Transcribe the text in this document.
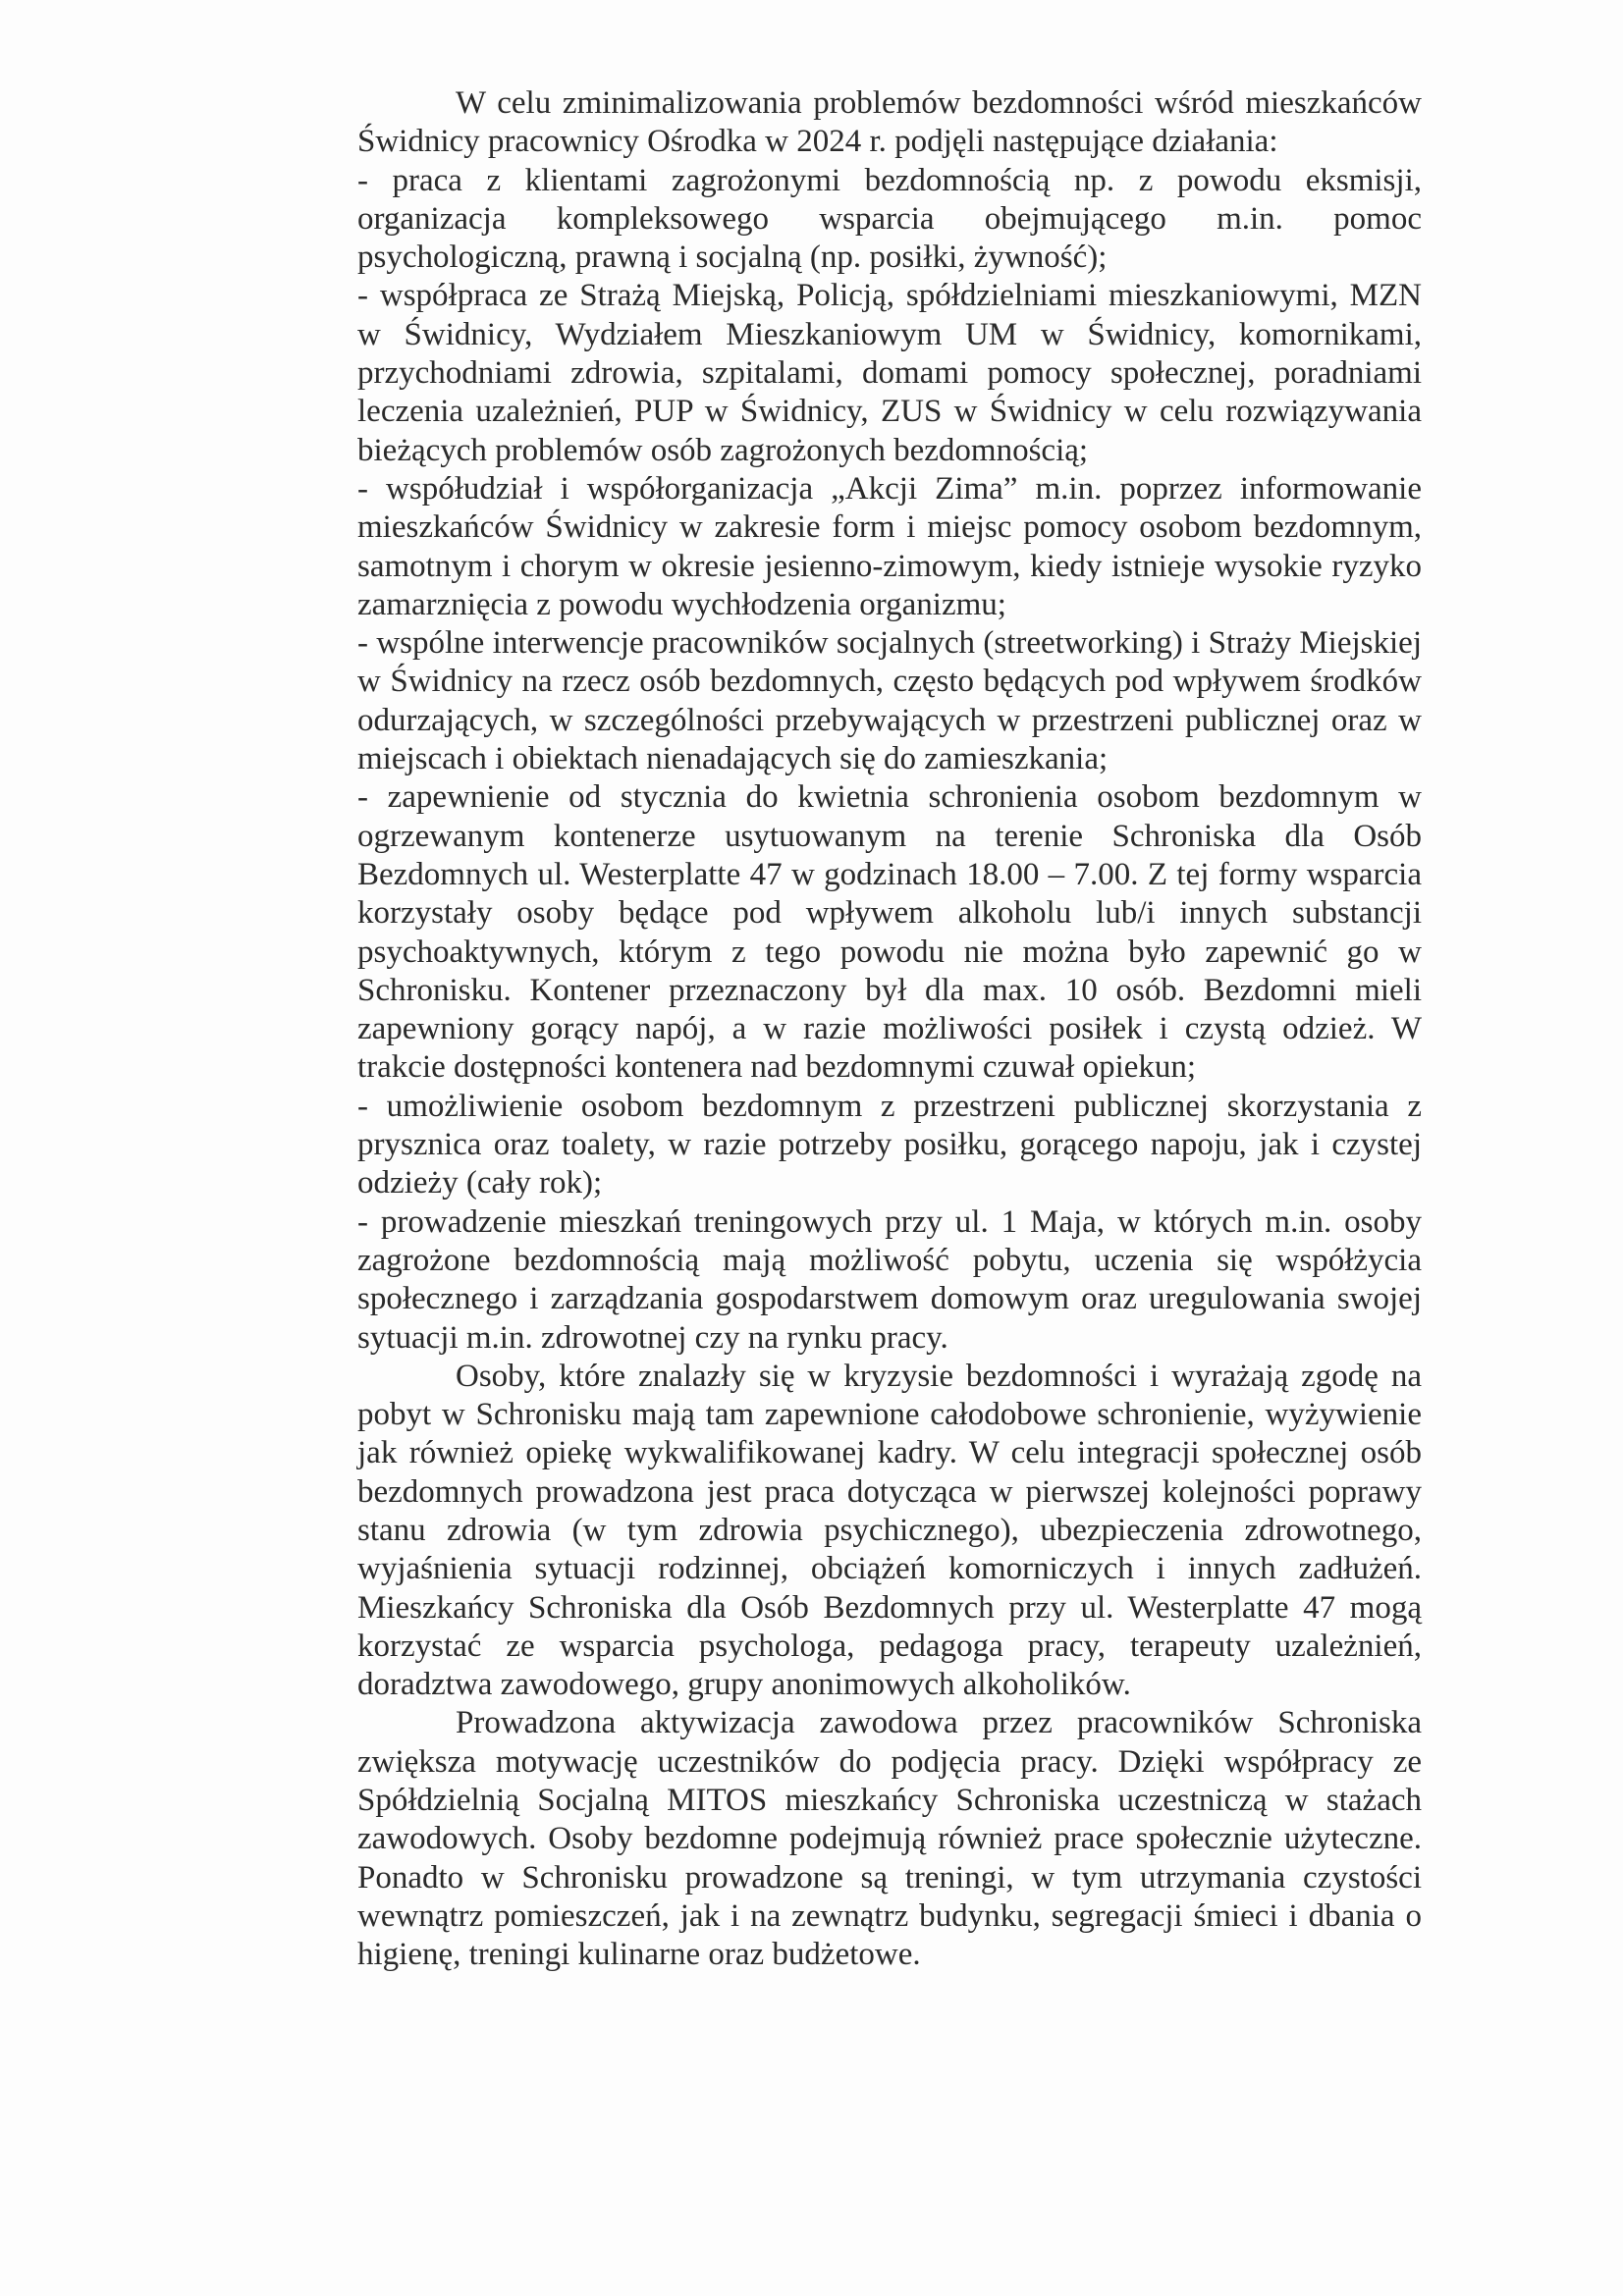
W celu zminimalizowania problemów bezdomności wśród mieszkańców Świdnicy pracownicy Ośrodka w 2024 r. podjęli następujące działania:

- praca z klientami zagrożonymi bezdomnością np. z powodu eksmisji, organizacja kompleksowego wsparcia obejmującego m.in. pomoc psychologiczną, prawną i socjalną (np. posiłki, żywność);

- współpraca ze Strażą Miejską, Policją, spółdzielniami mieszkaniowymi, MZN w Świdnicy, Wydziałem Mieszkaniowym UM w Świdnicy, komornikami, przychodniami zdrowia, szpitalami, domami pomocy społecznej, poradniami leczenia uzależnień, PUP w Świdnicy, ZUS w Świdnicy w celu rozwiązywania bieżących problemów osób zagrożonych bezdomnością;

- współudział i współorganizacja „Akcji Zima” m.in. poprzez informowanie mieszkańców Świdnicy w zakresie form i miejsc pomocy osobom bezdomnym, samotnym i chorym w okresie jesienno-zimowym, kiedy istnieje wysokie ryzyko zamarznięcia z powodu wychłodzenia organizmu;

- wspólne interwencje pracowników socjalnych (streetworking) i Straży Miejskiej w Świdnicy na rzecz osób bezdomnych, często będących pod wpływem środków odurzających, w szczególności przebywających w przestrzeni publicznej oraz w miejscach i obiektach nienadających się do zamieszkania;

- zapewnienie od stycznia do kwietnia schronienia osobom bezdomnym w ogrzewanym kontenerze usytuowanym na terenie Schroniska dla Osób Bezdomnych ul. Westerplatte 47 w godzinach 18.00 – 7.00. Z tej formy wsparcia korzystały osoby będące pod wpływem alkoholu lub/i innych substancji psychoaktywnych, którym z tego powodu nie można było zapewnić go w Schronisku. Kontener przeznaczony był dla max. 10 osób. Bezdomni mieli zapewniony gorący napój, a w razie możliwości posiłek i czystą odzież. W trakcie dostępności kontenera nad bezdomnymi czuwał opiekun;

- umożliwienie osobom bezdomnym z przestrzeni publicznej skorzystania z prysznica oraz toalety, w razie potrzeby posiłku, gorącego napoju, jak i czystej odzieży (cały rok);

- prowadzenie mieszkań treningowych przy ul. 1 Maja, w których m.in. osoby zagrożone bezdomnością mają możliwość pobytu, uczenia się współżycia społecznego i zarządzania gospodarstwem domowym oraz uregulowania swojej sytuacji m.in. zdrowotnej czy na rynku pracy.

Osoby, które znalazły się w kryzysie bezdomności i wyrażają zgodę na pobyt w Schronisku mają tam zapewnione całodobowe schronienie, wyżywienie jak również opiekę wykwalifikowanej kadry. W celu integracji społecznej osób bezdomnych prowadzona jest praca dotycząca w pierwszej kolejności poprawy stanu zdrowia (w tym zdrowia psychicznego), ubezpieczenia zdrowotnego, wyjaśnienia sytuacji rodzinnej, obciążeń komorniczych i innych zadłużeń. Mieszkańcy Schroniska dla Osób Bezdomnych przy ul. Westerplatte 47 mogą korzystać ze wsparcia psychologa, pedagoga pracy, terapeuty uzależnień, doradztwa zawodowego, grupy anonimowych alkoholików.

Prowadzona aktywizacja zawodowa przez pracowników Schroniska zwiększa motywację uczestników do podjęcia pracy. Dzięki współpracy ze Spółdzielnią Socjalną MITOS mieszkańcy Schroniska uczestniczą w stażach zawodowych. Osoby bezdomne podejmują również prace społecznie użyteczne. Ponadto w Schronisku prowadzone są treningi, w tym utrzymania czystości wewnątrz pomieszczeń, jak i na zewnątrz budynku, segregacji śmieci i dbania o higienę, treningi kulinarne oraz budżetowe.
